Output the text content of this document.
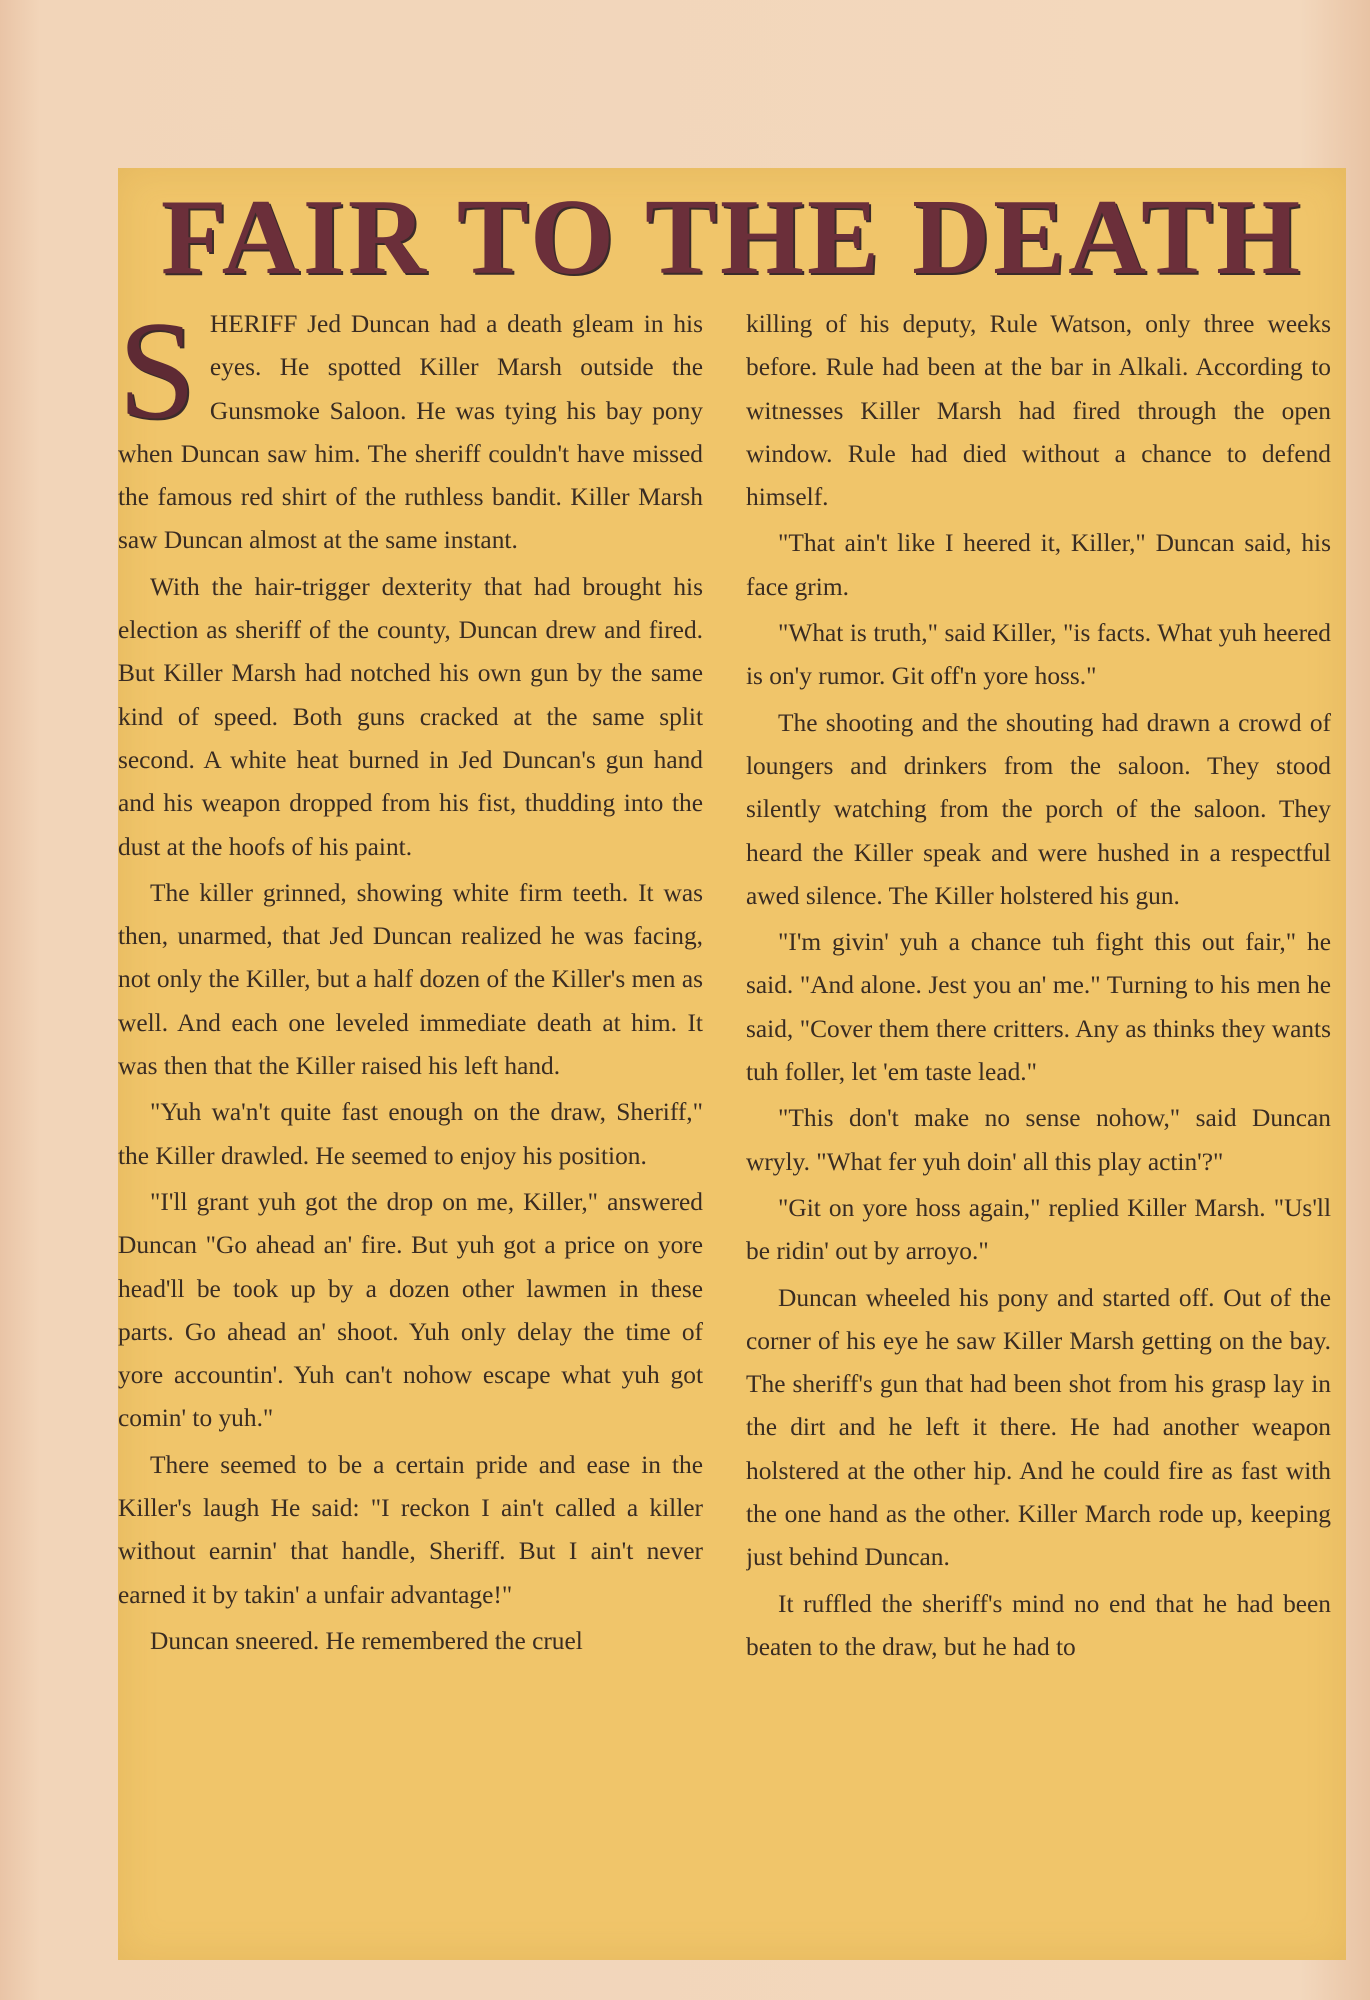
FAIR TO THE DEATH

SHERIFF Jed Duncan had a death gleam in his eyes. He spotted Killer Marsh outside the Gunsmoke Saloon. He was tying his bay pony when Duncan saw him. The sheriff couldn't have missed the famous red shirt of the ruthless bandit. Killer Marsh saw Duncan almost at the same instant.

With the hair-trigger dexterity that had brought his election as sheriff of the county, Duncan drew and fired. But Killer Marsh had notched his own gun by the same kind of speed. Both guns cracked at the same split second. A white heat burned in Jed Duncan's gun hand and his weapon dropped from his fist, thudding into the dust at the hoofs of his paint.

The killer grinned, showing white firm teeth. It was then, unarmed, that Jed Duncan realized he was facing, not only the Killer, but a half dozen of the Killer's men as well. And each one leveled immediate death at him. It was then that the Killer raised his left hand.

"Yuh wa'n't quite fast enough on the draw, Sheriff," the Killer drawled. He seemed to enjoy his position.

"I'll grant yuh got the drop on me, Killer," answered Duncan "Go ahead an' fire. But yuh got a price on yore head'll be took up by a dozen other lawmen in these parts. Go ahead an' shoot. Yuh only delay the time of yore accountin'. Yuh can't nohow escape what yuh got comin' to yuh."

There seemed to be a certain pride and ease in the Killer's laugh He said: "I reckon I ain't called a killer without earnin' that handle, Sheriff. But I ain't never earned it by takin' a unfair advantage!"

Duncan sneered. He remembered the cruel

killing of his deputy, Rule Watson, only three weeks before. Rule had been at the bar in Alkali. According to witnesses Killer Marsh had fired through the open window. Rule had died without a chance to defend himself.

"That ain't like I heered it, Killer," Duncan said, his face grim.

"What is truth," said Killer, "is facts. What yuh heered is on'y rumor. Git off'n yore hoss."

The shooting and the shouting had drawn a crowd of loungers and drinkers from the saloon. They stood silently watching from the porch of the saloon. They heard the Killer speak and were hushed in a respectful awed silence. The Killer holstered his gun.

"I'm givin' yuh a chance tuh fight this out fair," he said. "And alone. Jest you an' me." Turning to his men he said, "Cover them there critters. Any as thinks they wants tuh foller, let 'em taste lead."

"This don't make no sense nohow," said Duncan wryly. "What fer yuh doin' all this play actin'?"

"Git on yore hoss again," replied Killer Marsh. "Us'll be ridin' out by arroyo."

Duncan wheeled his pony and started off. Out of the corner of his eye he saw Killer Marsh getting on the bay. The sheriff's gun that had been shot from his grasp lay in the dirt and he left it there. He had another weapon holstered at the other hip. And he could fire as fast with the one hand as the other. Killer March rode up, keeping just behind Duncan.

It ruffled the sheriff's mind no end that he had been beaten to the draw, but he had to
